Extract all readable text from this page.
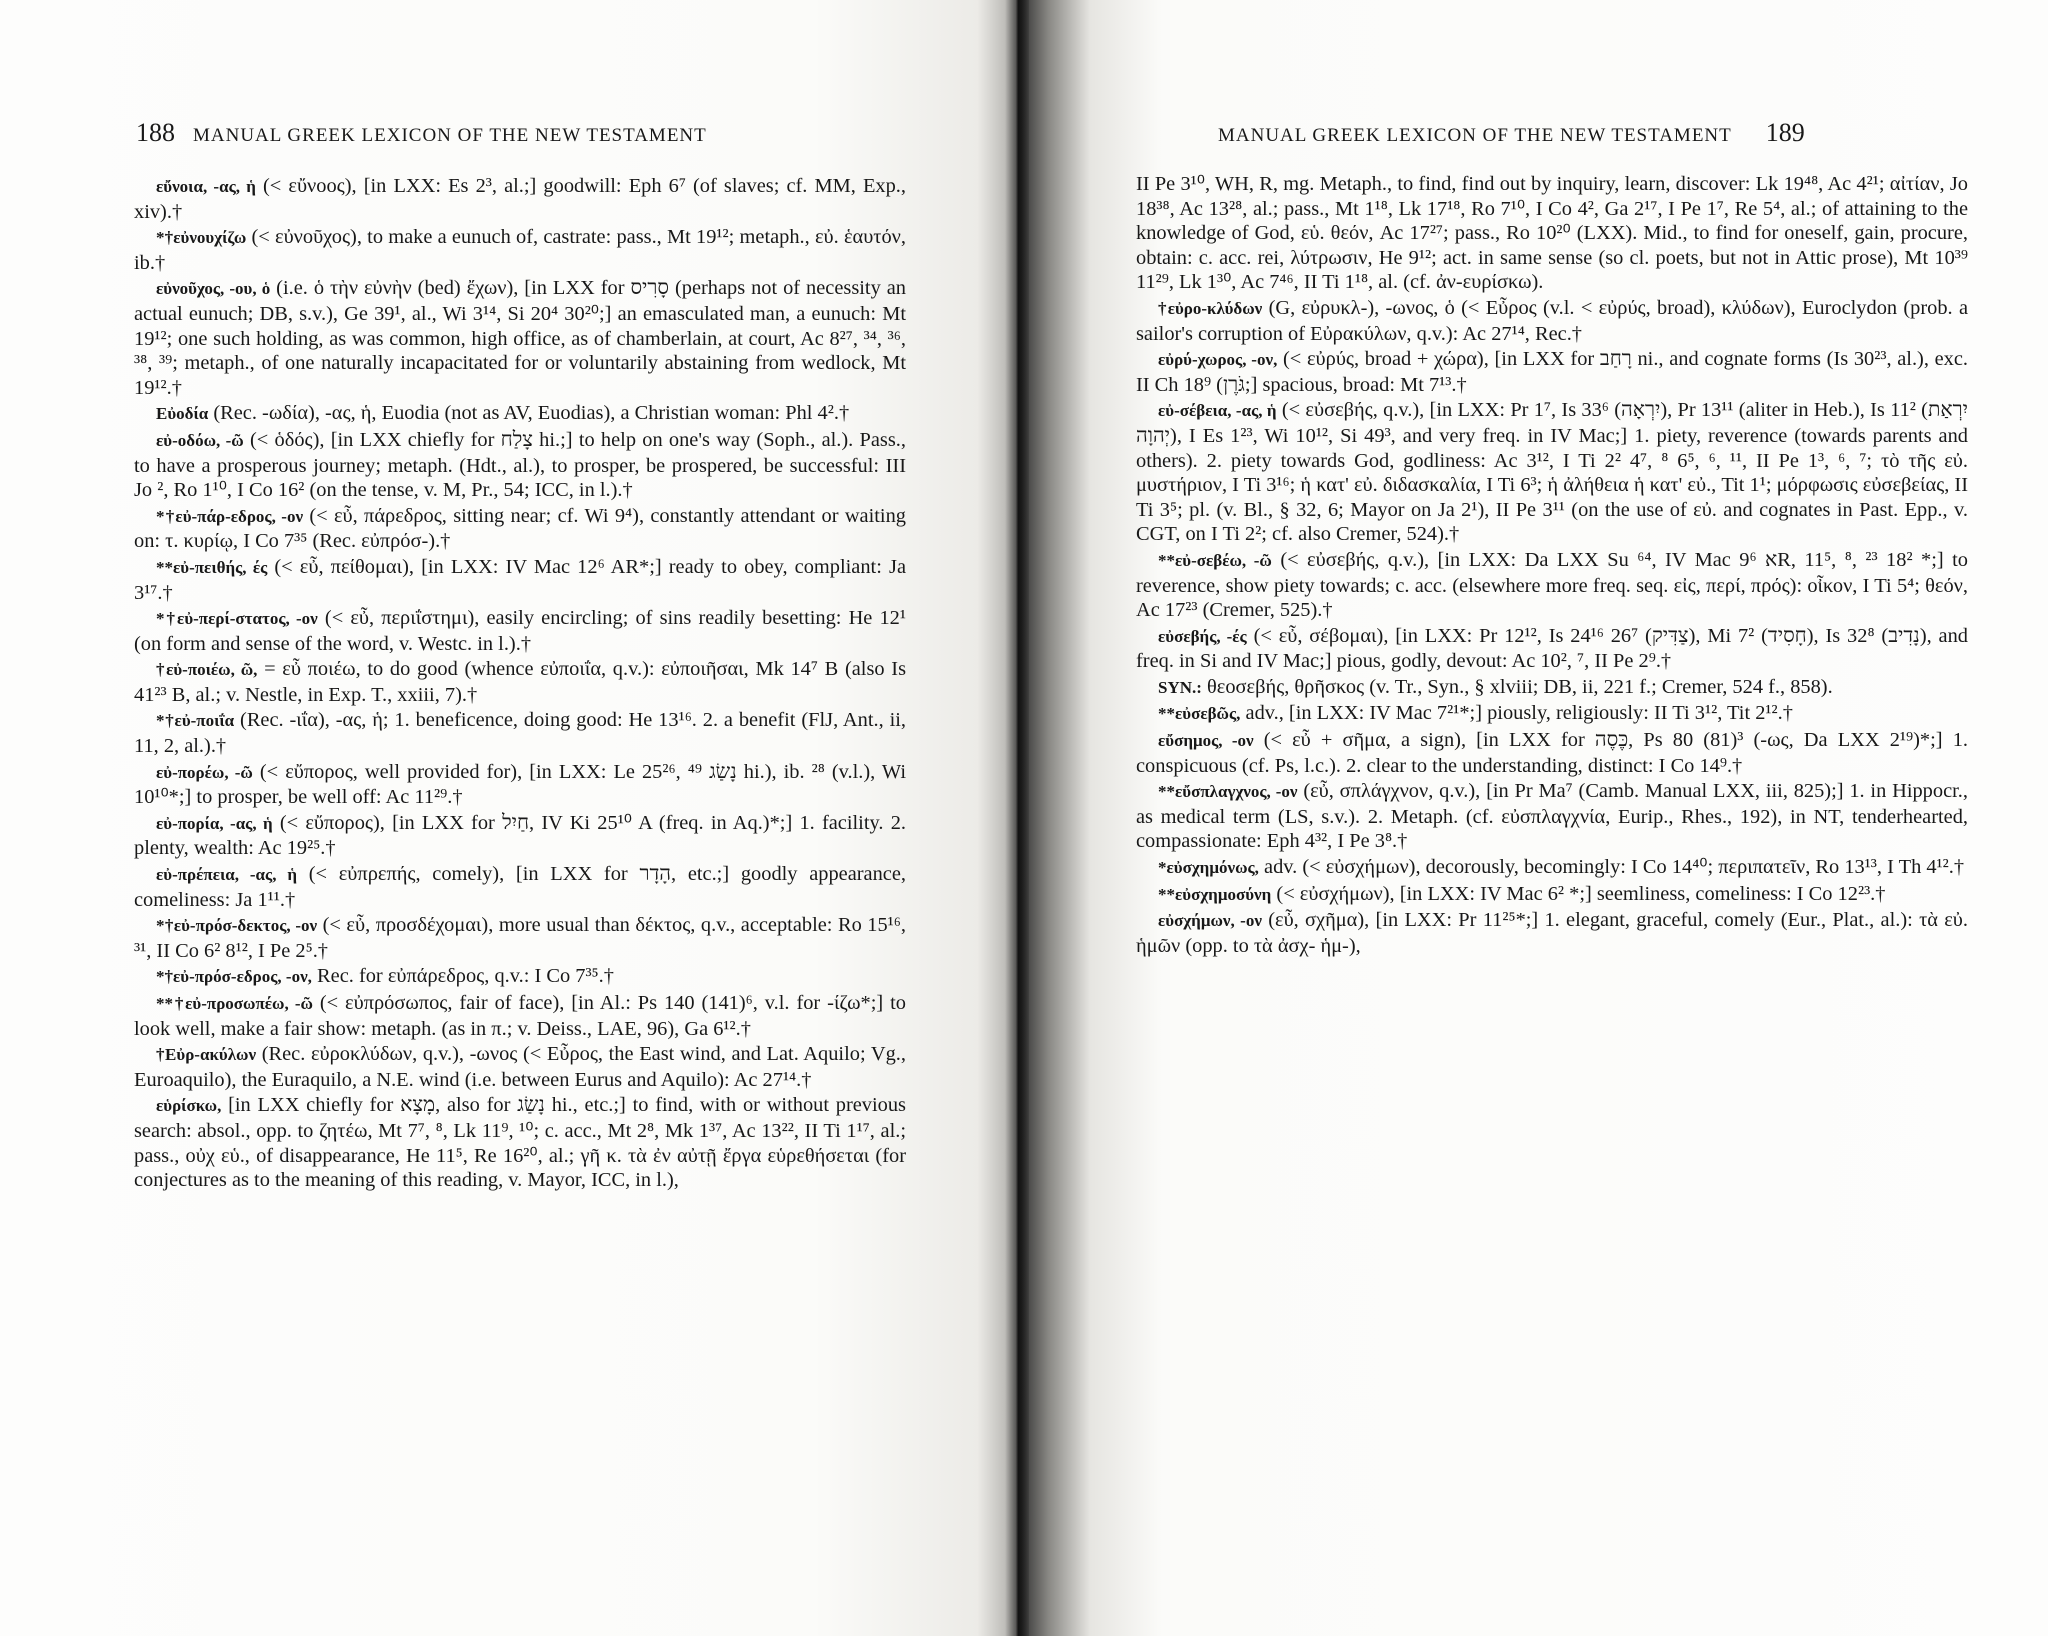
188 MANUAL GREEK LEXICON OF THE NEW TESTAMENT

εὔνοια, -ας, ἡ (< εὔνοος), [in LXX: Es 2³, al.;] goodwill: Eph 6⁷ (of slaves; cf. MM, Exp., xiv).†

*†εὐνουχίζω (< εὐνοῦχος), to make a eunuch of, castrate: pass., Mt 19¹²; metaph., εὐ. ἑαυτόν, ib.†

εὐνοῦχος, -ου, ὁ (i.e. ὁ τὴν εὐνὴν (bed) ἔχων), [in LXX for סָרִיס (perhaps not of necessity an actual eunuch; DB, s.v.), Ge 39¹, al., Wi 3¹⁴, Si 20⁴ 30²⁰;] an emasculated man, a eunuch: Mt 19¹²; one such holding, as was common, high office, as of chamberlain, at court, Ac 8²⁷, ³⁴, ³⁶, ³⁸, ³⁹; metaph., of one naturally incapacitated for or voluntarily abstaining from wedlock, Mt 19¹².†

Εὐοδία (Rec. -ωδία), -ας, ἡ, Euodia (not as AV, Euodias), a Christian woman: Phl 4².†

εὐ-οδόω, -ῶ (< ὁδός), [in LXX chiefly for צָלַח hi.;] to help on one's way (Soph., al.). Pass., to have a prosperous journey; metaph. (Hdt., al.), to prosper, be prospered, be successful: III Jo ², Ro 1¹⁰, I Co 16² (on the tense, v. M, Pr., 54; ICC, in l.).†

*†εὐ-πάρ-εδρος, -ον (< εὖ, πάρεδρος, sitting near; cf. Wi 9⁴), constantly attendant or waiting on: τ. κυρίῳ, I Co 7³⁵ (Rec. εὐπρόσ-).†

**εὐ-πειθής, ές (< εὖ, πείθομαι), [in LXX: IV Mac 12⁶ AR*;] ready to obey, compliant: Ja 3¹⁷.†

*†εὐ-περί-στατος, -ον (< εὖ, περιΐστημι), easily encircling; of sins readily besetting: He 12¹ (on form and sense of the word, v. Westc. in l.).†

†εὐ-ποιέω, ῶ, = εὖ ποιέω, to do good (whence εὐποιΐα, q.v.): εὐποιῆσαι, Mk 14⁷ B (also Is 41²³ B, al.; v. Nestle, in Exp. T., xxiii, 7).†

*†εὐ-ποιΐα (Rec. -ιΐα), -ας, ἡ; 1. beneficence, doing good: He 13¹⁶. 2. a benefit (FlJ, Ant., ii, 11, 2, al.).†

εὐ-πορέω, -ῶ (< εὔπορος, well provided for), [in LXX: Le 25²⁶, ⁴⁹ נָשַׂג hi.), ib. ²⁸ (v.l.), Wi 10¹⁰*;] to prosper, be well off: Ac 11²⁹.†

εὐ-πορία, -ας, ἡ (< εὔπορος), [in LXX for חַיִל, IV Ki 25¹⁰ A (freq. in Aq.)*;] 1. facility. 2. plenty, wealth: Ac 19²⁵.†

εὐ-πρέπεια, -ας, ἡ (< εὐπρεπής, comely), [in LXX for הָדָר, etc.;] goodly appearance, comeliness: Ja 1¹¹.†

*†εὐ-πρόσ-δεκτος, -ον (< εὖ, προσδέχομαι), more usual than δέκτος, q.v., acceptable: Ro 15¹⁶, ³¹, II Co 6² 8¹², I Pe 2⁵.†

*†εὐ-πρόσ-εδρος, -ον, Rec. for εὐπάρεδρος, q.v.: I Co 7³⁵.†

**†εὐ-προσωπέω, -ῶ (< εὐπρόσωπος, fair of face), [in Al.: Ps 140 (141)⁶, v.l. for -ίζω*;] to look well, make a fair show: metaph. (as in π.; v. Deiss., LAE, 96), Ga 6¹².†

†Εὐρ-ακύλων (Rec. εὐροκλύδων, q.v.), -ωνος (< Εὖρος, the East wind, and Lat. Aquilo; Vg., Euroaquilo), the Euraquilo, a N.E. wind (i.e. between Eurus and Aquilo): Ac 27¹⁴.†

εὑρίσκω, [in LXX chiefly for מָצָא, also for נָשַׂג hi., etc.;] to find, with or without previous search: absol., opp. to ζητέω, Mt 7⁷, ⁸, Lk 11⁹, ¹⁰; c. acc., Mt 2⁸, Mk 1³⁷, Ac 13²², II Ti 1¹⁷, al.; pass., οὐχ εὑ., of disappearance, He 11⁵, Re 16²⁰, al.; γῆ κ. τὰ ἐν αὐτῇ ἔργα εὑρεθήσεται (for conjectures as to the meaning of this reading, v. Mayor, ICC, in l.),

MANUAL GREEK LEXICON OF THE NEW TESTAMENT 189

II Pe 3¹⁰, WH, R, mg. Metaph., to find, find out by inquiry, learn, discover: Lk 19⁴⁸, Ac 4²¹; αἰτίαν, Jo 18³⁸, Ac 13²⁸, al.; pass., Mt 1¹⁸, Lk 17¹⁸, Ro 7¹⁰, I Co 4², Ga 2¹⁷, I Pe 1⁷, Re 5⁴, al.; of attaining to the knowledge of God, εὑ. θεόν, Ac 17²⁷; pass., Ro 10²⁰ (LXX). Mid., to find for oneself, gain, procure, obtain: c. acc. rei, λύτρωσιν, He 9¹²; act. in same sense (so cl. poets, but not in Attic prose), Mt 10³⁹ 11²⁹, Lk 1³⁰, Ac 7⁴⁶, II Ti 1¹⁸, al. (cf. ἀν-ευρίσκω).

†εὐρο-κλύδων (G, εὐρυκλ-), -ωνος, ὁ (< Εὖρος (v.l. < εὐρύς, broad), κλύδων), Euroclydon (prob. a sailor's corruption of Εὐρακύλων, q.v.): Ac 27¹⁴, Rec.†

εὐρύ-χωρος, -ον, (< εὐρύς, broad + χώρα), [in LXX for רָחַב ni., and cognate forms (Is 30²³, al.), exc. II Ch 18⁹ (גֹּרֶן;] spacious, broad: Mt 7¹³.†

εὐ-σέβεια, -ας, ἡ (< εὐσεβής, q.v.), [in LXX: Pr 1⁷, Is 33⁶ (יִרְאָה), Pr 13¹¹ (aliter in Heb.), Is 11² (יִרְאַת יְהוָה), I Es 1²³, Wi 10¹², Si 49³, and very freq. in IV Mac;] 1. piety, reverence (towards parents and others). 2. piety towards God, godliness: Ac 3¹², I Ti 2² 4⁷, ⁸ 6⁵, ⁶, ¹¹, II Pe 1³, ⁶, ⁷; τὸ τῆς εὐ. μυστήριον, I Ti 3¹⁶; ἡ κατ' εὐ. διδασκαλία, I Ti 6³; ἡ ἀλήθεια ἡ κατ' εὐ., Tit 1¹; μόρφωσις εὐσεβείας, II Ti 3⁵; pl. (v. Bl., § 32, 6; Mayor on Ja 2¹), II Pe 3¹¹ (on the use of εὐ. and cognates in Past. Epp., v. CGT, on I Ti 2²; cf. also Cremer, 524).†

**εὐ-σεβέω, -ῶ (< εὐσεβής, q.v.), [in LXX: Da LXX Su ⁶⁴, IV Mac 9⁶ אR, 11⁵, ⁸, ²³ 18² *;] to reverence, show piety towards; c. acc. (elsewhere more freq. seq. εἰς, περί, πρός): οἶκον, I Ti 5⁴; θεόν, Ac 17²³ (Cremer, 525).†

εὐσεβής, -ές (< εὖ, σέβομαι), [in LXX: Pr 12¹², Is 24¹⁶ 26⁷ (צַדִּיק), Mi 7² (חָסִיד), Is 32⁸ (נָדִיב), and freq. in Si and IV Mac;] pious, godly, devout: Ac 10², ⁷, II Pe 2⁹.†

SYN.: θεοσεβής, θρῆσκος (v. Tr., Syn., § xlviii; DB, ii, 221 f.; Cremer, 524 f., 858).

**εὐσεβῶς, adv., [in LXX: IV Mac 7²¹*;] piously, religiously: II Ti 3¹², Tit 2¹².†

εὔσημος, -ον (< εὖ + σῆμα, a sign), [in LXX for כֶּסֶה, Ps 80 (81)³ (-ως, Da LXX 2¹⁹)*;] 1. conspicuous (cf. Ps, l.c.). 2. clear to the understanding, distinct: I Co 14⁹.†

**εὔσπλαγχνος, -ον (εὖ, σπλάγχνον, q.v.), [in Pr Ma⁷ (Camb. Manual LXX, iii, 825);] 1. in Hippocr., as medical term (LS, s.v.). 2. Metaph. (cf. εὐσπλαγχνία, Eurip., Rhes., 192), in NT, tenderhearted, compassionate: Eph 4³², I Pe 3⁸.†

*εὐσχημόνως, adv. (< εὐσχήμων), decorously, becomingly: I Co 14⁴⁰; περιπατεῖν, Ro 13¹³, I Th 4¹².†

**εὐσχημοσύνη (< εὐσχήμων), [in LXX: IV Mac 6² *;] seemliness, comeliness: I Co 12²³.†

εὐσχήμων, -ον (εὖ, σχῆμα), [in LXX: Pr 11²⁵*;] 1. elegant, graceful, comely (Eur., Plat., al.): τὰ εὐ. ἡμῶν (opp. to τὰ ἀσχ- ἡμ-),
